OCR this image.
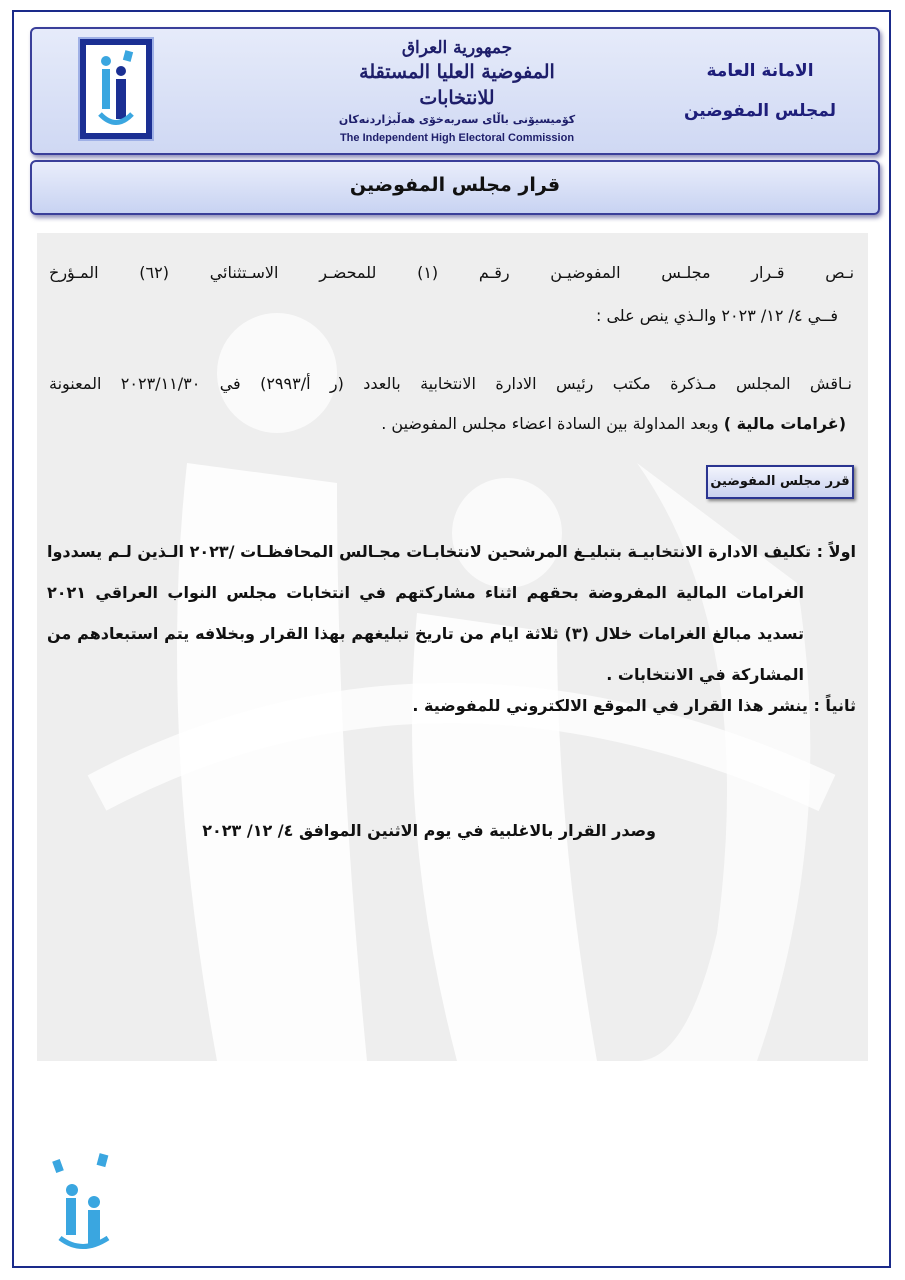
جمهورية العراق
المفوضية العليا المستقلة للانتخابات
كۆمیسیۆنی باڵای سەربەخۆی هەڵبژاردنەکان
The Independent High Electoral Commission
الامانة العامة
لمجلس المفوضين
قرار مجلس المفوضين
نـص قـرار مجلـس المفوضيـن رقـم (١) للمحضـر الاسـتثنائي (٦٢) المـؤرخ
فــي ٤/ ١٢/ ٢٠٢٣ والـذي ينص على :
نـاقش المجلس مـذكرة مكتب رئيس الادارة الانتخابية بالعدد (ر أ/٢٩٩٣) في ٢٠٢٣/١١/٣٠ المعنونة
(غرامات مالية ) وبعد المداولة بين السادة اعضاء مجلس المفوضين .
قرر مجلس المفوضين
اولاً : تكليف الادارة الانتخابيـة بتبليـغ المرشحين لانتخابـات مجـالس المحافظـات /٢٠٢٣ الـذين لـم يسددوا
الغرامات المالية المفروضة بحقهم اثناء مشاركتهم في انتخابات مجلس النواب العراقي ٢٠٢١
تسديد مبالغ الغرامات خلال (٣) ثلاثة ايام من تاريخ تبليغهم بهذا القرار وبخلافه يتم استبعادهم من
المشاركة في الانتخابات .
ثانياً : ينشر هذا القرار في الموقع الالكتروني للمفوضية .
وصدر القرار بالاغلبية في يوم الاثنين الموافق ٤/ ١٢/ ٢٠٢٣
